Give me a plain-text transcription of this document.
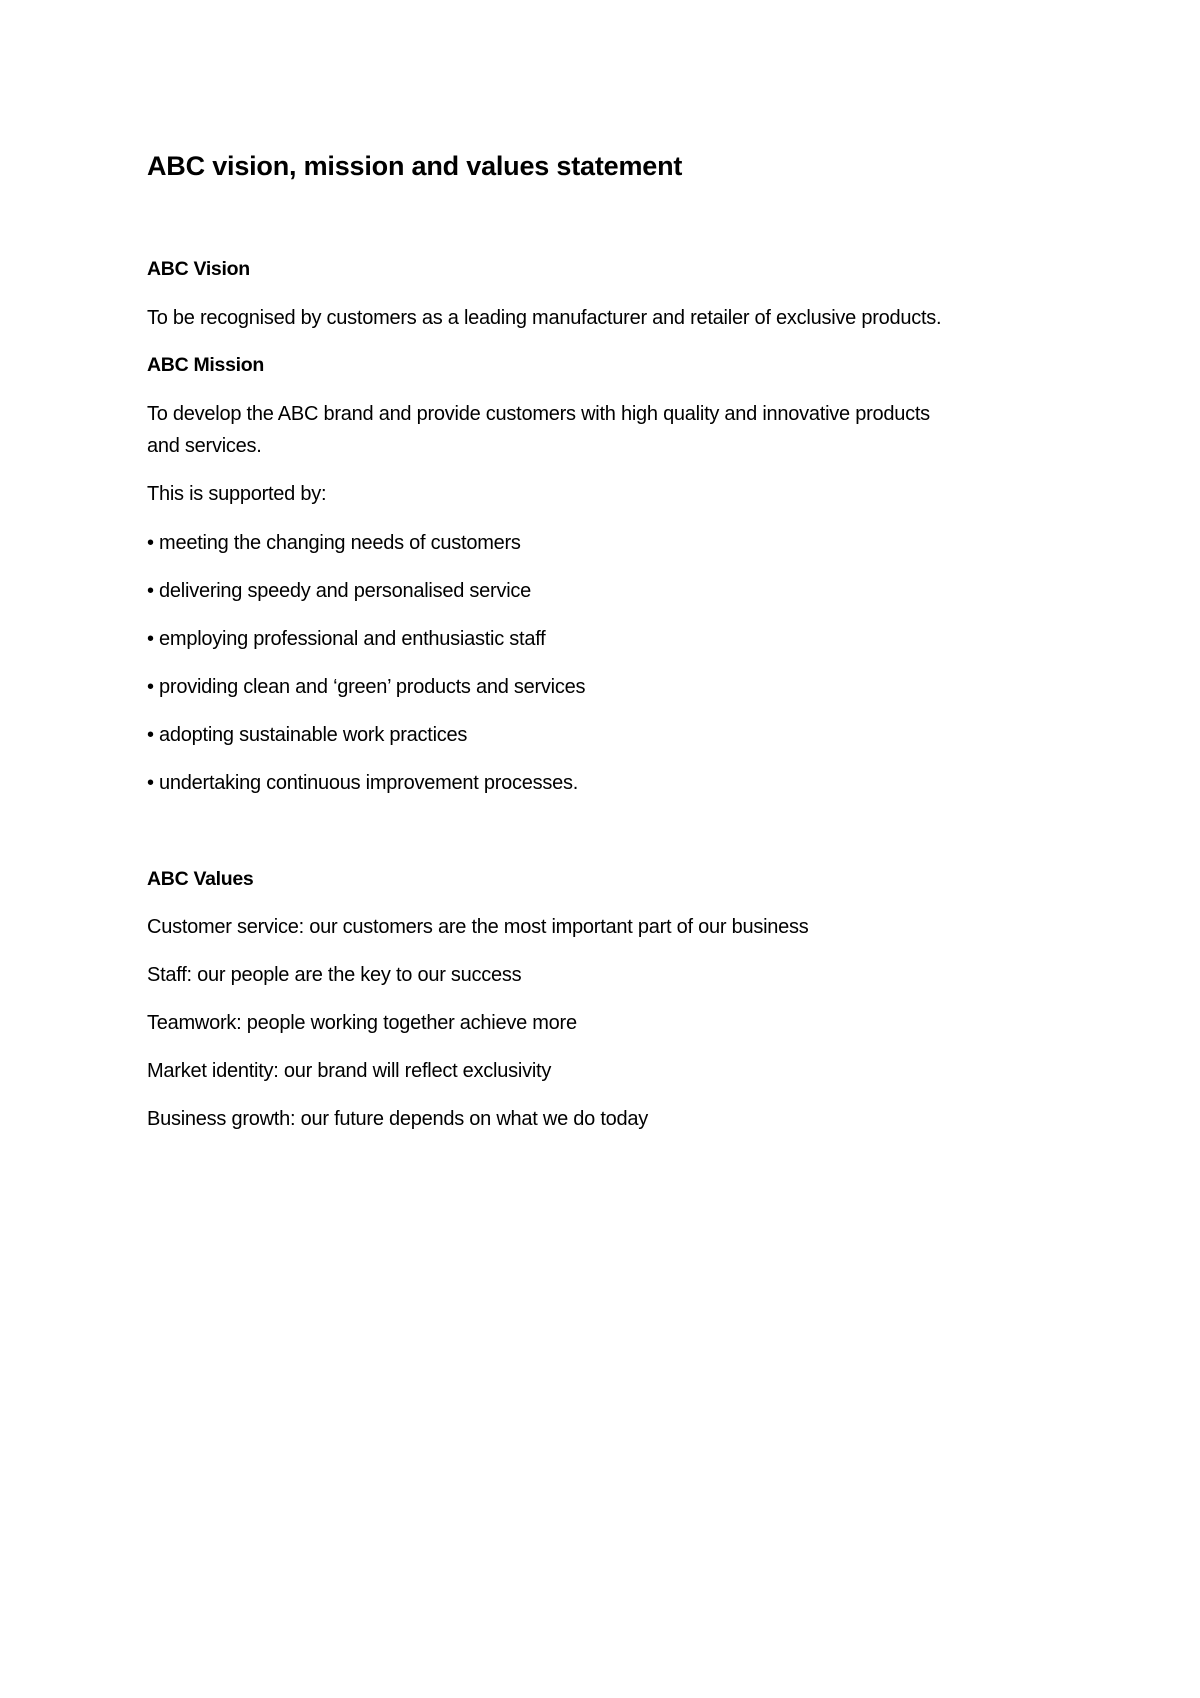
ABC vision, mission and values statement
ABC Vision
To be recognised by customers as a leading manufacturer and retailer of exclusive products.
ABC Mission
To develop the ABC brand and provide customers with high quality and innovative products
and services.
This is supported by:
• meeting the changing needs of customers
• delivering speedy and personalised service
• employing professional and enthusiastic staff
• providing clean and ‘green’ products and services
• adopting sustainable work practices
• undertaking continuous improvement processes.
ABC Values
Customer service: our customers are the most important part of our business
Staff: our people are the key to our success
Teamwork: people working together achieve more
Market identity: our brand will reflect exclusivity
Business growth: our future depends on what we do today
